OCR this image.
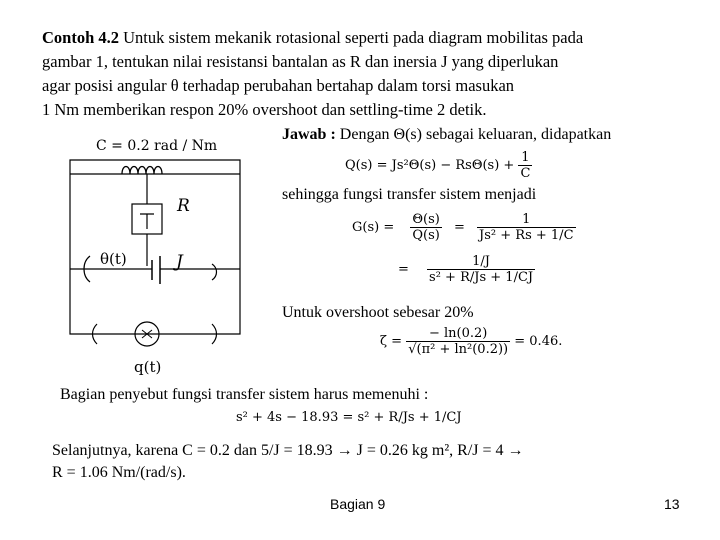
Contoh 4.2 Untuk sistem mekanik rotasional seperti pada diagram mobilitas pada
gambar 1, tentukan nilai resistansi bantalan as R dan inersia J yang diperlukan
agar posisi angular θ terhadap perubahan bertahap dalam torsi masukan
1 Nm memberikan respon 20% overshoot dan settling-time 2 detik.
C = 0.2 rad / Nm
R
θ(t)	J
q(t)
Jawab : Dengan Θ(s) sebagai keluaran, didapatkan
$Q(s) = Js^2\Theta(s) - Rs\Theta(s) + \frac{1}{C}$
sehingga fungsi transfer sistem menjadi
$G(s) = \frac{\Theta(s)}{Q(s)} = \frac{1}{\text{Js² + Rs + 1/C}}$
= $\frac{1/J}{\text{s² + R/Js + 1/CJ}}$
Untuk overshoot sebesar 20%
$\zeta = \frac{- \ln(0.2)}{\text{√(π² + ln²(0.2))}} = 0.46$.
Bagian penyebut fungsi transfer sistem harus memenuhi :
s² + 4s − 18.93 = s² + R/Js + 1/CJ
Selanjutnya, karena C = 0.2 dan 5/J = 18.93 → J = 0.26 kg m², R/J = 4 →
R = 1.06 Nm/(rad/s).
Bagian 9	13
